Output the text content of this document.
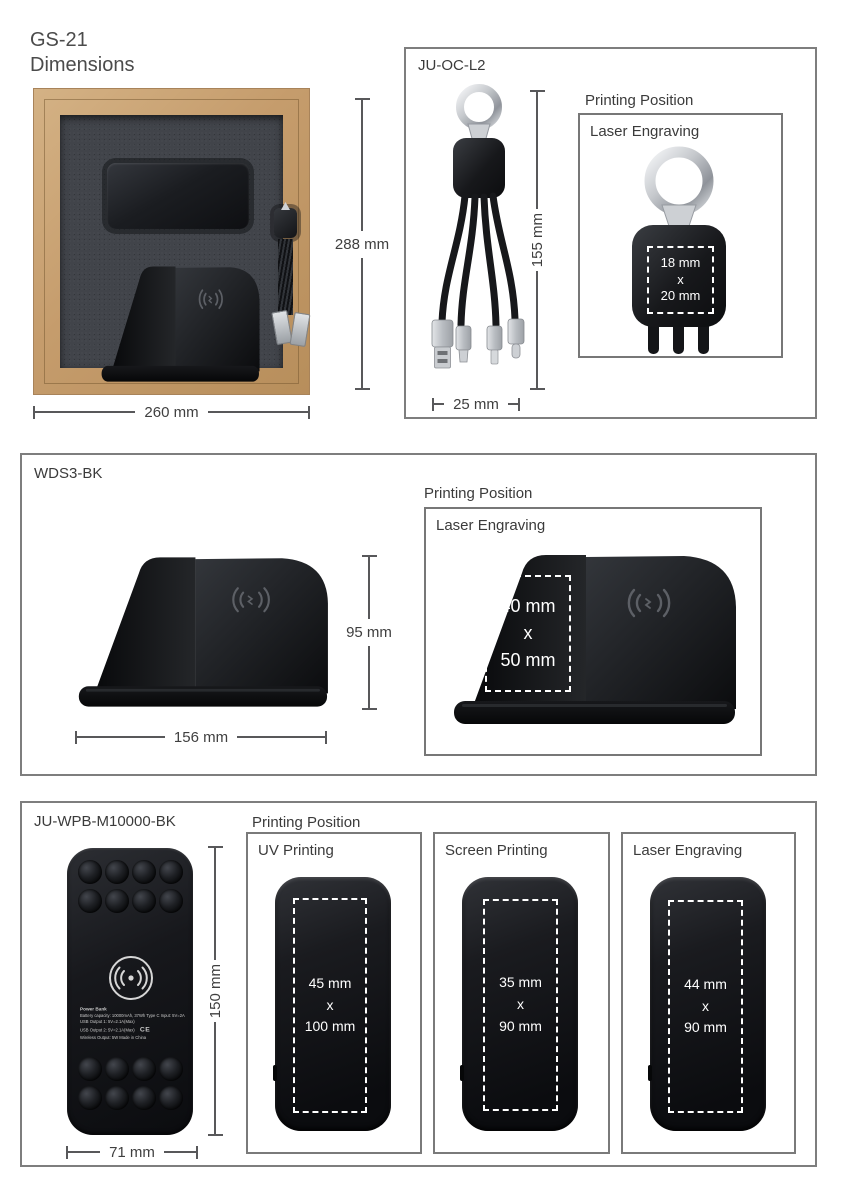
GS-21
Dimensions
288 mm
260 mm
JU-OC-L2
155 mm
25 mm
Printing Position
Laser Engraving
18 mm
x
20 mm
WDS3-BK
95 mm
156 mm
Printing Position
Laser Engraving
40 mm
x
50 mm
JU-WPB-M10000-BK
Power Bank
Battery capacity: 10000mAh, 37Wh Type C Input: 5V=2A
USB Output 1: 5V=2.1A(Max)
USB Output 2: 5V=2.1A(Max) CE
Wireless Output: 5W Made in China
150 mm
71 mm
Printing Position
UV Printing
45 mm
x
100 mm
Screen Printing
35 mm
x
90 mm
Laser Engraving
44 mm
x
90 mm
